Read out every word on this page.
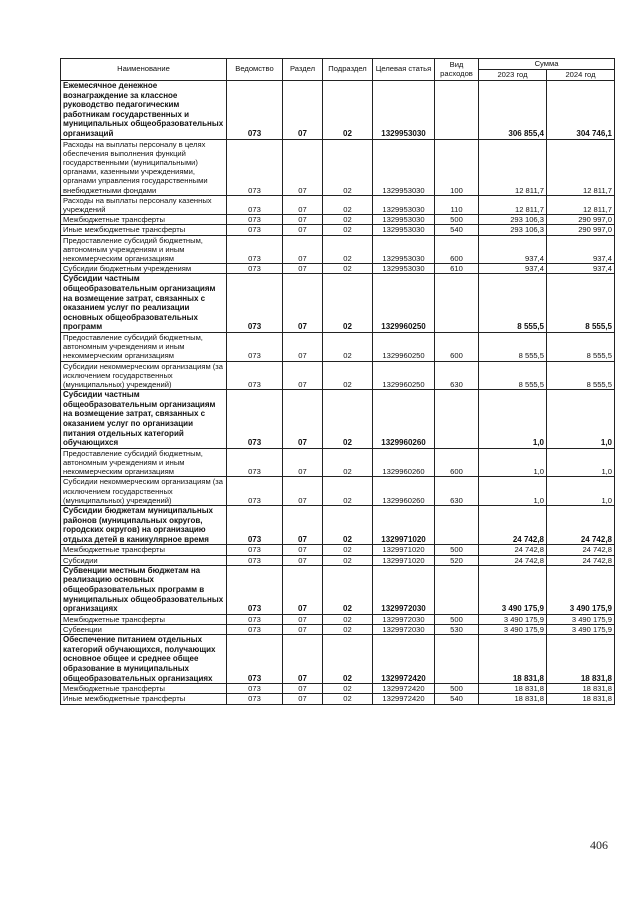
Наименование	Ведомство	Раздел	Подраздел	Целевая статья	Вид расходов	Сумма	
						2023 год	2024 год
Ежемесячное денежное вознаграждение за классное руководство педагогическим работникам государственных и муниципальных общеобразовательных организаций	073	07	02	1329953030		306 855,4	304 746,1
Расходы на выплаты персоналу в целях обеспечения выполнения функций государственными (муниципальными) органами, казенными учреждениями, органами управления государственными внебюджетными фондами	073	07	02	1329953030	100	12 811,7	12 811,7
Расходы на выплаты персоналу казенных учреждений	073	07	02	1329953030	110	12 811,7	12 811,7
Межбюджетные трансферты	073	07	02	1329953030	500	293 106,3	290 997,0
Иные межбюджетные трансферты	073	07	02	1329953030	540	293 106,3	290 997,0
Предоставление субсидий бюджетным, автономным учреждениям и иным некоммерческим организациям	073	07	02	1329953030	600	937,4	937,4
Субсидии бюджетным учреждениям	073	07	02	1329953030	610	937,4	937,4
Субсидии частным общеобразовательным организациям на возмещение затрат, связанных с оказанием услуг по реализации основных общеобразовательных программ	073	07	02	1329960250		8 555,5	8 555,5
Предоставление субсидий бюджетным, автономным учреждениям и иным некоммерческим организациям	073	07	02	1329960250	600	8 555,5	8 555,5
Субсидии некоммерческим организациям (за исключением государственных (муниципальных) учреждений)	073	07	02	1329960250	630	8 555,5	8 555,5
Субсидии частным общеобразовательным организациям на возмещение затрат, связанных с оказанием услуг по организации питания отдельных категорий обучающихся	073	07	02	1329960260		1,0	1,0
Предоставление субсидий бюджетным, автономным учреждениям и иным некоммерческим организациям	073	07	02	1329960260	600	1,0	1,0
Субсидии некоммерческим организациям (за исключением государственных (муниципальных) учреждений)	073	07	02	1329960260	630	1,0	1,0
Субсидии бюджетам муниципальных районов (муниципальных округов, городских округов) на организацию отдыха детей в каникулярное время	073	07	02	1329971020		24 742,8	24 742,8
Межбюджетные трансферты	073	07	02	1329971020	500	24 742,8	24 742,8
Субсидии	073	07	02	1329971020	520	24 742,8	24 742,8
Субвенции местным бюджетам на реализацию основных общеобразовательных программ в муниципальных общеобразовательных организациях	073	07	02	1329972030		3 490 175,9	3 490 175,9
Межбюджетные трансферты	073	07	02	1329972030	500	3 490 175,9	3 490 175,9
Субвенции	073	07	02	1329972030	530	3 490 175,9	3 490 175,9
Обеспечение питанием отдельных категорий обучающихся, получающих основное общее и среднее общее образование в муниципальных общеобразовательных организациях	073	07	02	1329972420		18 831,8	18 831,8
Межбюджетные трансферты	073	07	02	1329972420	500	18 831,8	18 831,8
Иные межбюджетные трансферты	073	07	02	1329972420	540	18 831,8	18 831,8
406
